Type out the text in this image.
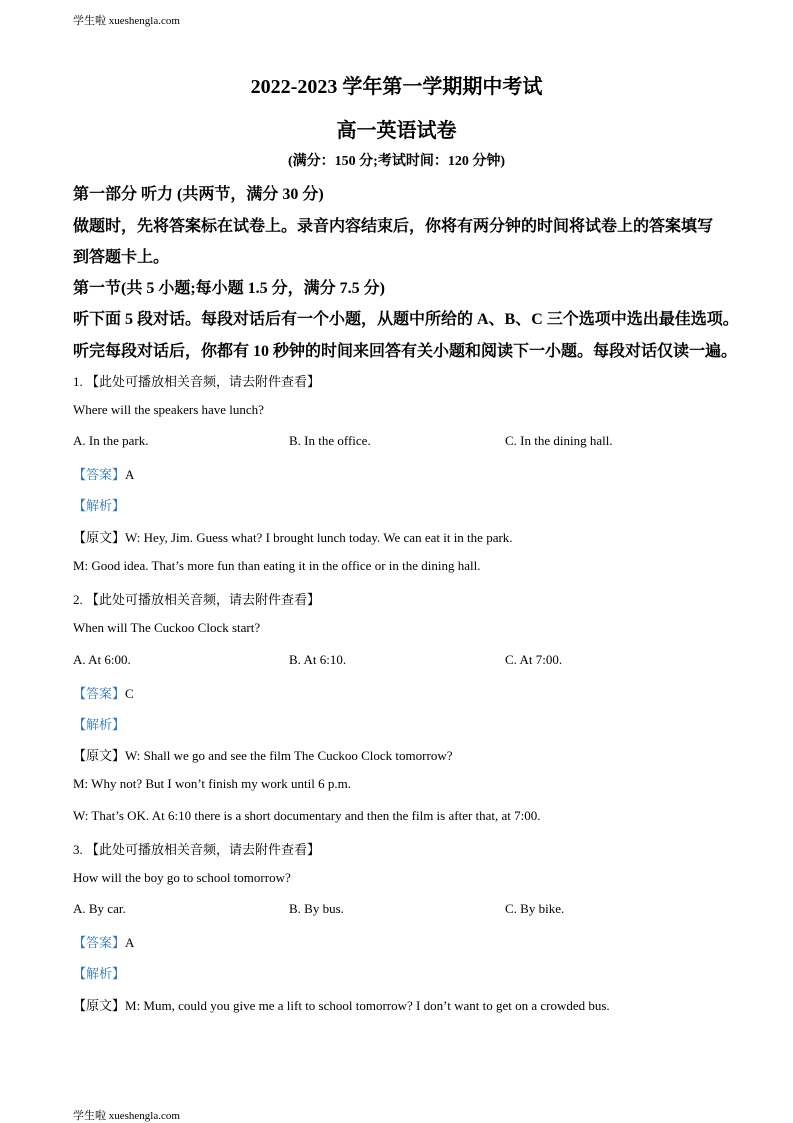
学生啦 xueshengla.com
2022-2023 学年第一学期期中考试
高一英语试卷
(满分：150 分;考试时间：120 分钟)
第一部分 听力 (共两节，满分 30 分)
做题时，先将答案标在试卷上。录音内容结束后，你将有两分钟的时间将试卷上的答案填写
到答题卡上。
第一节(共 5 小题;每小题 1.5 分，满分 7.5 分)
听下面 5 段对话。每段对话后有一个小题，从题中所给的 A、B、C 三个选项中选出最佳选项。
听完每段对话后，你都有 10 秒钟的时间来回答有关小题和阅读下一小题。每段对话仅读一遍。
1. 【此处可播放相关音频，请去附件查看】
Where will the speakers have lunch?
A. In the park.	B. In the office.	C. In the dining hall.
【答案】A
【解析】
【原文】W: Hey, Jim. Guess what? I brought lunch today. We can eat it in the park.
M: Good idea. That’s more fun than eating it in the office or in the dining hall.
2. 【此处可播放相关音频，请去附件查看】
When will The Cuckoo Clock start?
A. At 6:00.	B. At 6:10.	C. At 7:00.
【答案】C
【解析】
【原文】W: Shall we go and see the film The Cuckoo Clock tomorrow?
M: Why not? But I won’t finish my work until 6 p.m.
W: That’s OK. At 6:10 there is a short documentary and then the film is after that, at 7:00.
3. 【此处可播放相关音频，请去附件查看】
How will the boy go to school tomorrow?
A. By car.	B. By bus.	C. By bike.
【答案】A
【解析】
【原文】M: Mum, could you give me a lift to school tomorrow? I don’t want to get on a crowded bus.
学生啦 xueshengla.com
